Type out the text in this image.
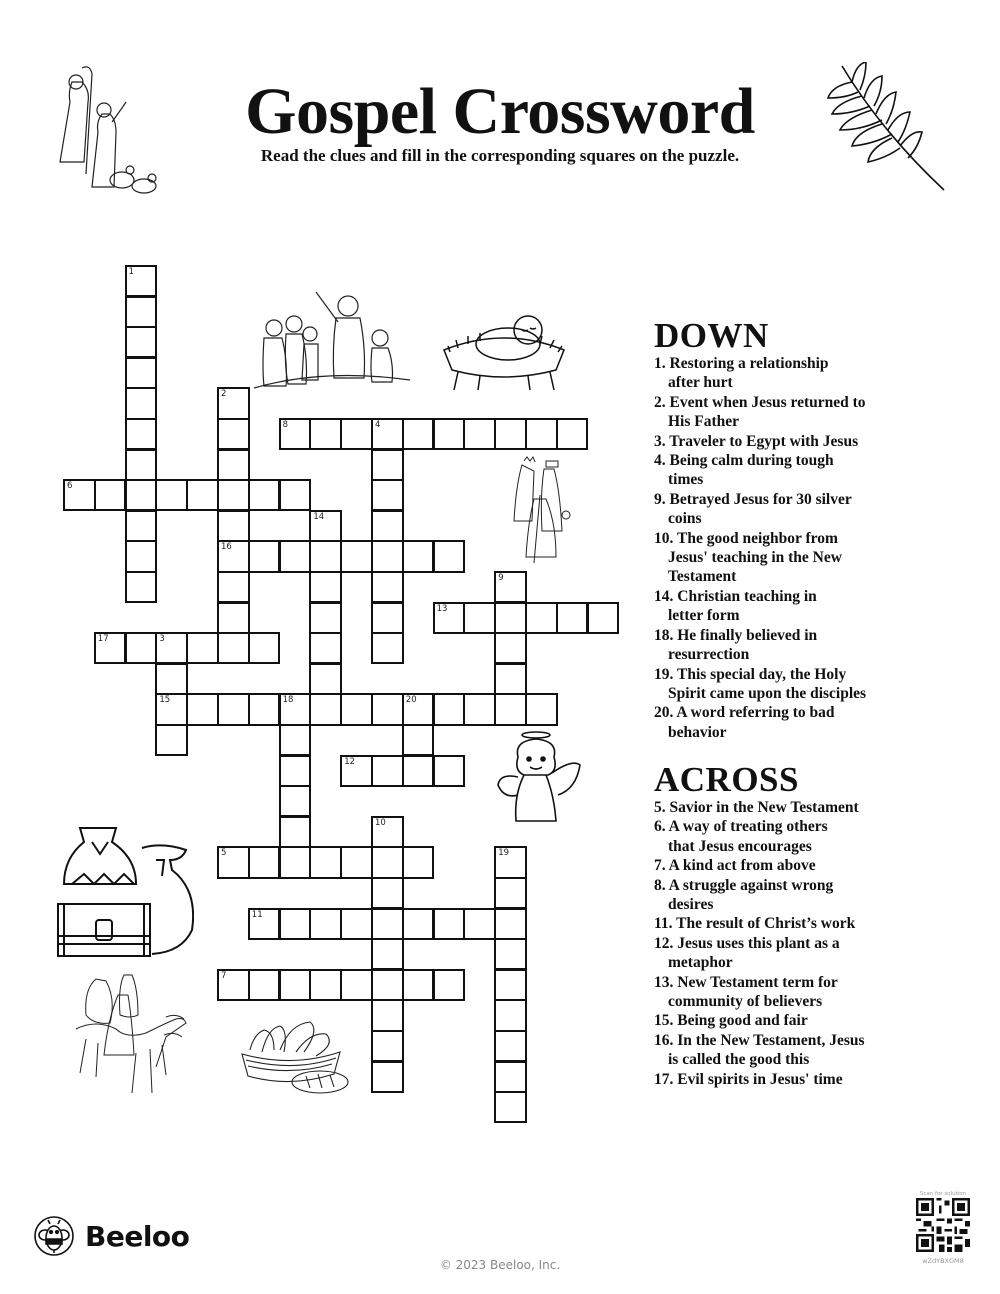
Gospel Crossword
Read the clues and fill in the corresponding squares on the puzzle.
1
2
16
3
15
4
5
6
7
8
9
10
11
12
13
14
18	20
17
19
DOWN
1. Restoring a relationship
after hurt
2. Event when Jesus returned to
His Father
3. Traveler to Egypt with Jesus
4. Being calm during tough
times
9. Betrayed Jesus for 30 silver
coins
10. The good neighbor from
Jesus' teaching in the New
Testament
14. Christian teaching in
letter form
18. He finally believed in
resurrection
19. This special day, the Holy
Spirit came upon the disciples
20. A word referring to bad
behavior
ACROSS
5. Savior in the New Testament
6. A way of treating others
that Jesus encourages
7. A kind act from above
8. A struggle against wrong
desires
11. The result of Christ’s work
12. Jesus uses this plant as a
metaphor
13. New Testament term for
community of believers
15. Being good and fair
16. In the New Testament, Jesus
is called the good this
17. Evil spirits in Jesus' time
Beeloo
© 2023 Beeloo, Inc.
Scan for solution
wZdYBXGM8
